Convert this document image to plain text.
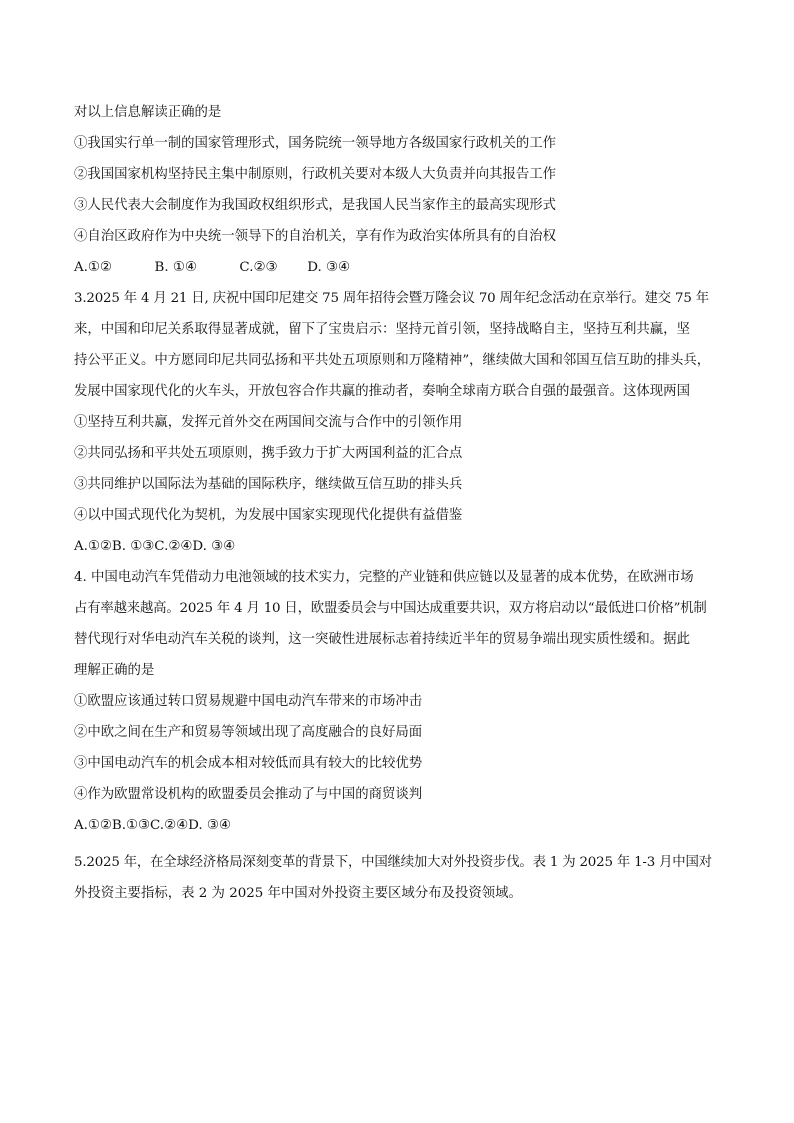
对以上信息解读正确的是
①我国实行单一制的国家管理形式，国务院统一领导地方各级国家行政机关的工作
②我国国家机构坚持民主集中制原则，行政机关要对本级人大负责并向其报告工作
③人民代表大会制度作为我国政权组织形式，是我国人民当家作主的最高实现形式
④自治区政府作为中央统一领导下的自治机关，享有作为政治实体所具有的自治权
A.①②          B. ①④          C.②③       D. ③④
3.2025 年 4 月 21 日, 庆祝中国印尼建交 75 周年招待会暨万隆会议 70 周年纪念活动在京举行。建交 75 年
来，中国和印尼关系取得显著成就，留下了宝贵启示：坚持元首引领，坚持战略自主，坚持互利共赢，坚
持公平正义。中方愿同印尼共同弘扬和平共处五项原则和万隆精神”，继续做大国和邻国互信互助的排头兵，
发展中国家现代化的火车头，开放包容合作共赢的推动者，奏响全球南方联合自强的最强音。这体现两国
①坚持互利共赢，发挥元首外交在两国间交流与合作中的引领作用
②共同弘扬和平共处五项原则，携手致力于扩大两国利益的汇合点
③共同维护以国际法为基础的国际秩序，继续做互信互助的排头兵
④以中国式现代化为契机，为发展中国家实现现代化提供有益借鉴
A.①②B. ①③C.②④D. ③④
4. 中国电动汽车凭借动力电池领域的技术实力，完整的产业链和供应链以及显著的成本优势，在欧洲市场
占有率越来越高。2025 年 4 月 10 日，欧盟委员会与中国达成重要共识，双方将启动以“最低进口价格”机制
替代现行对华电动汽车关税的谈判，这一突破性进展标志着持续近半年的贸易争端出现实质性缓和。据此
理解正确的是
①欧盟应该通过转口贸易规避中国电动汽车带来的市场冲击
②中欧之间在生产和贸易等领域出现了高度融合的良好局面
③中国电动汽车的机会成本相对较低而具有较大的比较优势
④作为欧盟常设机构的欧盟委员会推动了与中国的商贸谈判
A.①②B.①③C.②④D. ③④
5.2025 年，在全球经济格局深刻变革的背景下，中国继续加大对外投资步伐。表 1 为 2025 年 1-3 月中国对
外投资主要指标，表 2 为 2025 年中国对外投资主要区域分布及投资领域。
